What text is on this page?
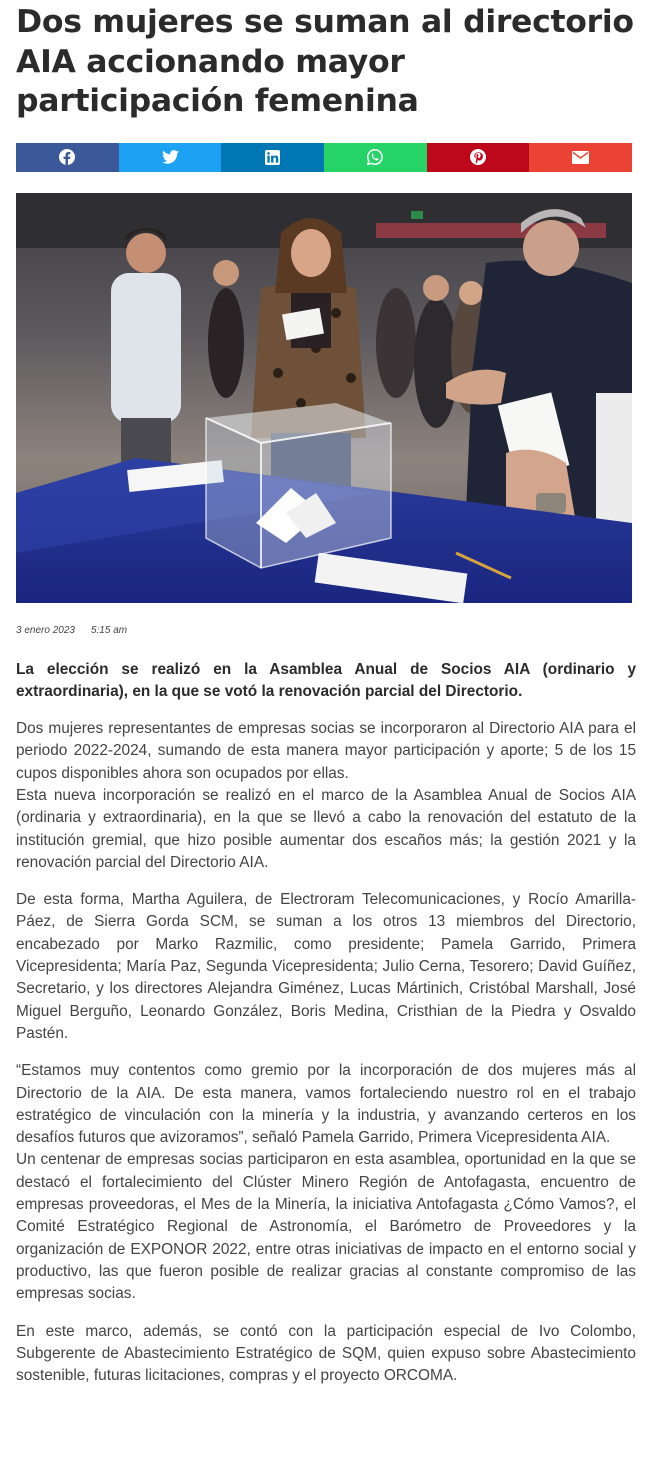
Dos mujeres se suman al directorio AIA accionando mayor participación femenina
3 enero 2023 5:15 am

La elección se realizó en la Asamblea Anual de Socios AIA (ordinario y extraordinaria), en la que se votó la renovación parcial del Directorio.

Dos mujeres representantes de empresas socias se incorporaron al Directorio AIA para el periodo 2022-2024, sumando de esta manera mayor participación y aporte; 5 de los 15 cupos disponibles ahora son ocupados por ellas.

Esta nueva incorporación se realizó en el marco de la Asamblea Anual de Socios AIA (ordinaria y extraordinaria), en la que se llevó a cabo la renovación del estatuto de la institución gremial, que hizo posible aumentar dos escaños más; la gestión 2021 y la renovación parcial del Directorio AIA.

De esta forma, Martha Aguilera, de Electroram Telecomunicaciones, y Rocío Amarilla-Páez, de Sierra Gorda SCM, se suman a los otros 13 miembros del Directorio, encabezado por Marko Razmilic, como presidente; Pamela Garrido, Primera Vicepresidenta; María Paz, Segunda Vicepresidenta; Julio Cerna, Tesorero; David Guíñez, Secretario, y los directores Alejandra Giménez, Lucas Mártinich, Cristóbal Marshall, José Miguel Berguño, Leonardo González, Boris Medina, Cristhian de la Piedra y Osvaldo Pastén.

“Estamos muy contentos como gremio por la incorporación de dos mujeres más al Directorio de la AIA. De esta manera, vamos fortaleciendo nuestro rol en el trabajo estratégico de vinculación con la minería y la industria, y avanzando certeros en los desafíos futuros que avizoramos”, señaló Pamela Garrido, Primera Vicepresidenta AIA.

Un centenar de empresas socias participaron en esta asamblea, oportunidad en la que se destacó el fortalecimiento del Clúster Minero Región de Antofagasta, encuentro de empresas proveedoras, el Mes de la Minería, la iniciativa Antofagasta ¿Cómo Vamos?, el Comité Estratégico Regional de Astronomía, el Barómetro de Proveedores y la organización de EXPONOR 2022, entre otras iniciativas de impacto en el entorno social y productivo, las que fueron posible de realizar gracias al constante compromiso de las empresas socias.

En este marco, además, se contó con la participación especial de Ivo Colombo, Subgerente de Abastecimiento Estratégico de SQM, quien expuso sobre Abastecimiento sostenible, futuras licitaciones, compras y el proyecto ORCOMA.
